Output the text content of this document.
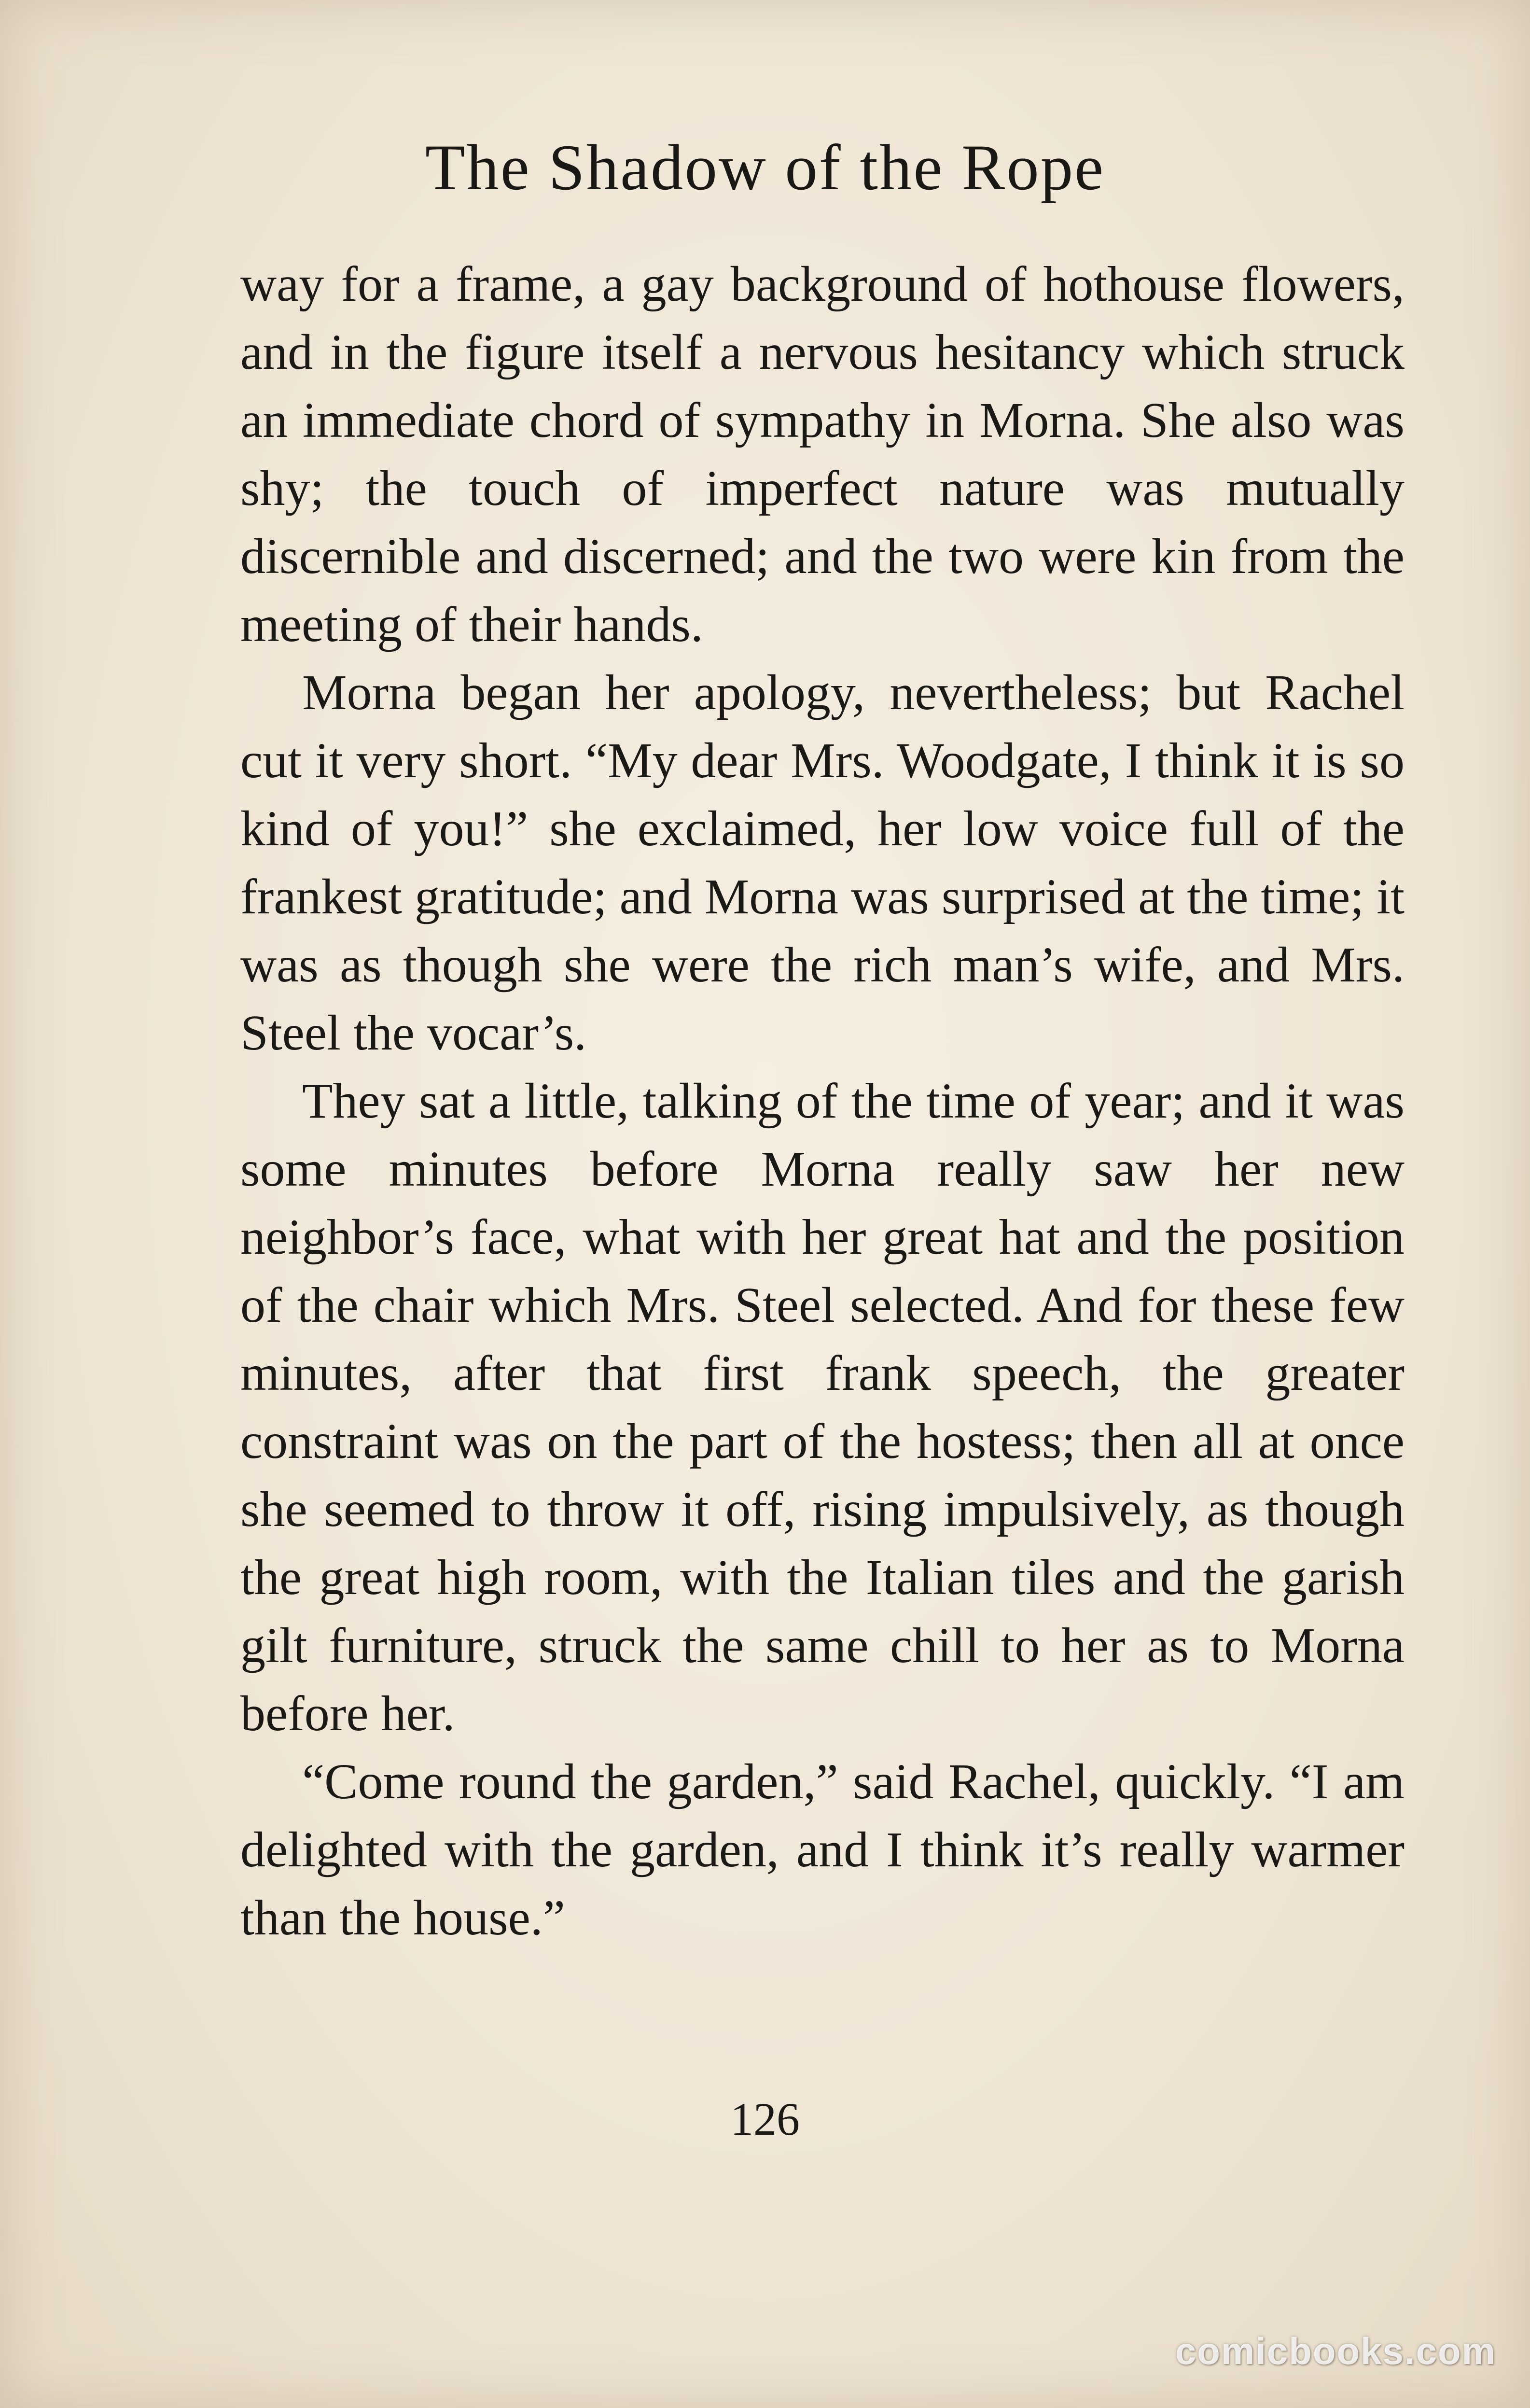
The Shadow of the Rope

way for a frame, a gay background of hothouse flowers, and in the figure itself a nervous hesitancy which struck an immediate chord of sympathy in Morna. She also was shy; the touch of imperfect nature was mutually discernible and discerned; and the two were kin from the meeting of their hands.

Morna began her apology, nevertheless; but Rachel cut it very short. “My dear Mrs. Woodgate, I think it is so kind of you!” she exclaimed, her low voice full of the frankest gratitude; and Morna was surprised at the time; it was as though she were the rich man’s wife, and Mrs. Steel the vocar’s.

They sat a little, talking of the time of year; and it was some minutes before Morna really saw her new neighbor’s face, what with her great hat and the position of the chair which Mrs. Steel selected. And for these few minutes, after that first frank speech, the greater constraint was on the part of the hostess; then all at once she seemed to throw it off, rising impulsively, as though the great high room, with the Italian tiles and the garish gilt furniture, struck the same chill to her as to Morna before her.

“Come round the garden,” said Rachel, quickly. “I am delighted with the garden, and I think it’s really warmer than the house.”

126
comicbooks.com
